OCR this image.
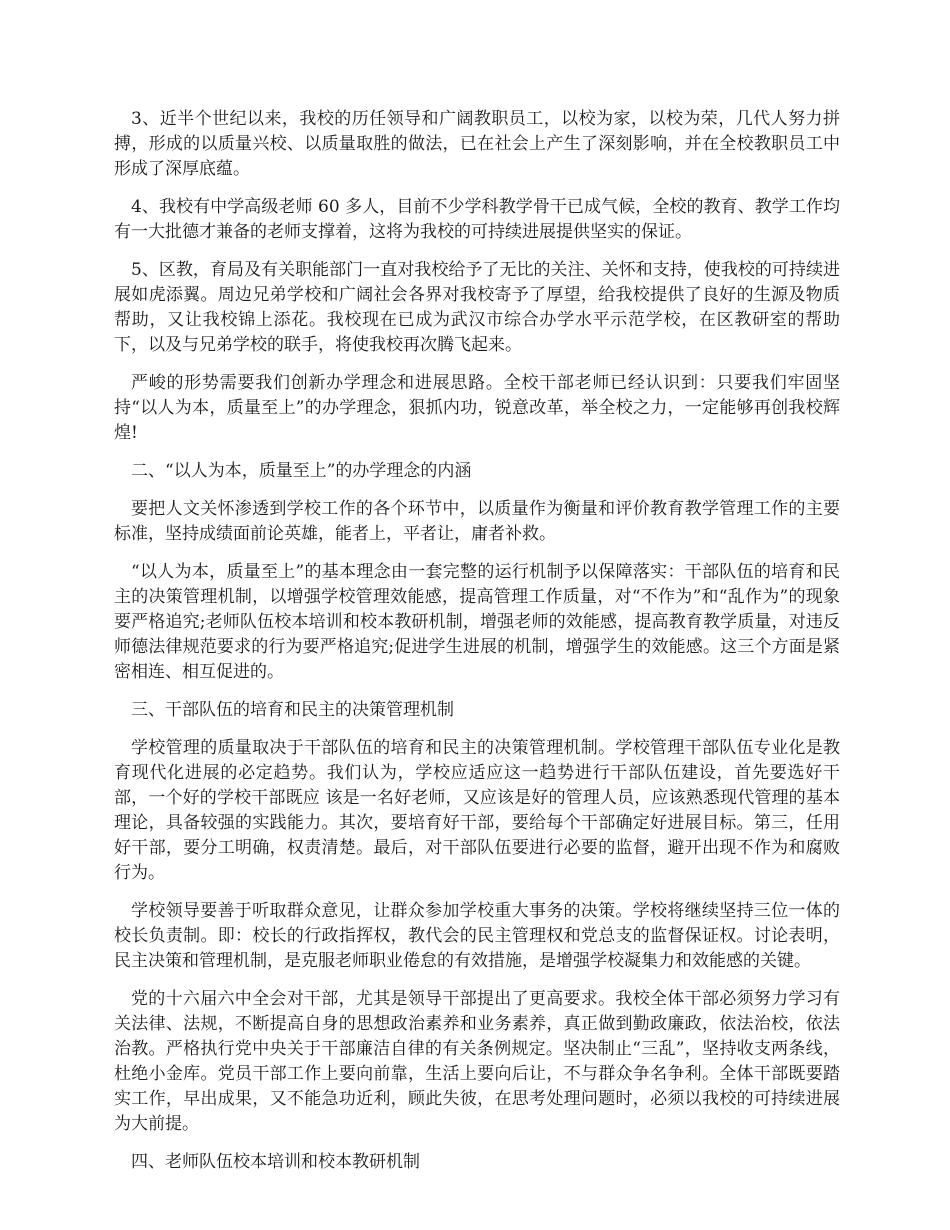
3、近半个世纪以来，我校的历任领导和广阔教职员工，以校为家，以校为荣，几代人努力拼搏，形成的以质量兴校、以质量取胜的做法，已在社会上产生了深刻影响，并在全校教职员工中形成了深厚底蕴。

4、我校有中学高级老师 60 多人，目前不少学科教学骨干已成气候，全校的教育、教学工作均有一大批德才兼备的老师支撑着，这将为我校的可持续进展提供坚实的保证。

5、区教，育局及有关职能部门一直对我校给予了无比的关注、关怀和支持，使我校的可持续进展如虎添翼。周边兄弟学校和广阔社会各界对我校寄予了厚望，给我校提供了良好的生源及物质帮助，又让我校锦上添花。我校现在已成为武汉市综合办学水平示范学校，在区教研室的帮助下，以及与兄弟学校的联手，将使我校再次腾飞起来。

严峻的形势需要我们创新办学理念和进展思路。全校干部老师已经认识到：只要我们牢固坚持“以人为本，质量至上”的办学理念，狠抓内功，锐意改革，举全校之力，一定能够再创我校辉煌!

二、“以人为本，质量至上”的办学理念的内涵

要把人文关怀渗透到学校工作的各个环节中，以质量作为衡量和评价教育教学管理工作的主要标准，坚持成绩面前论英雄，能者上，平者让，庸者补救。

“以人为本，质量至上”的基本理念由一套完整的运行机制予以保障落实：干部队伍的培育和民主的决策管理机制，以增强学校管理效能感，提高管理工作质量，对“不作为”和“乱作为”的现象要严格追究;老师队伍校本培训和校本教研机制，增强老师的效能感，提高教育教学质量，对违反师德法律规范要求的行为要严格追究;促进学生进展的机制，增强学生的效能感。这三个方面是紧密相连、相互促进的。

三、干部队伍的培育和民主的决策管理机制

学校管理的质量取决于干部队伍的培育和民主的决策管理机制。学校管理干部队伍专业化是教育现代化进展的必定趋势。我们认为，学校应适应这一趋势进行干部队伍建设，首先要选好干部，一个好的学校干部既应 该是一名好老师，又应该是好的管理人员，应该熟悉现代管理的基本理论，具备较强的实践能力。其次，要培育好干部，要给每个干部确定好进展目标。第三，任用好干部，要分工明确，权责清楚。最后，对干部队伍要进行必要的监督，避开出现不作为和腐败行为。

学校领导要善于听取群众意见，让群众参加学校重大事务的决策。学校将继续坚持三位一体的校长负责制。即：校长的行政指挥权，教代会的民主管理权和党总支的监督保证权。讨论表明，民主决策和管理机制，是克服老师职业倦怠的有效措施，是增强学校凝集力和效能感的关键。

党的十六届六中全会对干部，尤其是领导干部提出了更高要求。我校全体干部必须努力学习有关法律、法规，不断提高自身的思想政治素养和业务素养，真正做到勤政廉政，依法治校，依法治教。严格执行党中央关于干部廉洁自律的有关条例规定。坚决制止“三乱”，坚持收支两条线，杜绝小金库。党员干部工作上要向前靠，生活上要向后让，不与群众争名争利。全体干部既要踏实工作，早出成果，又不能急功近利，顾此失彼，在思考处理问题时，必须以我校的可持续进展为大前提。

四、老师队伍校本培训和校本教研机制
